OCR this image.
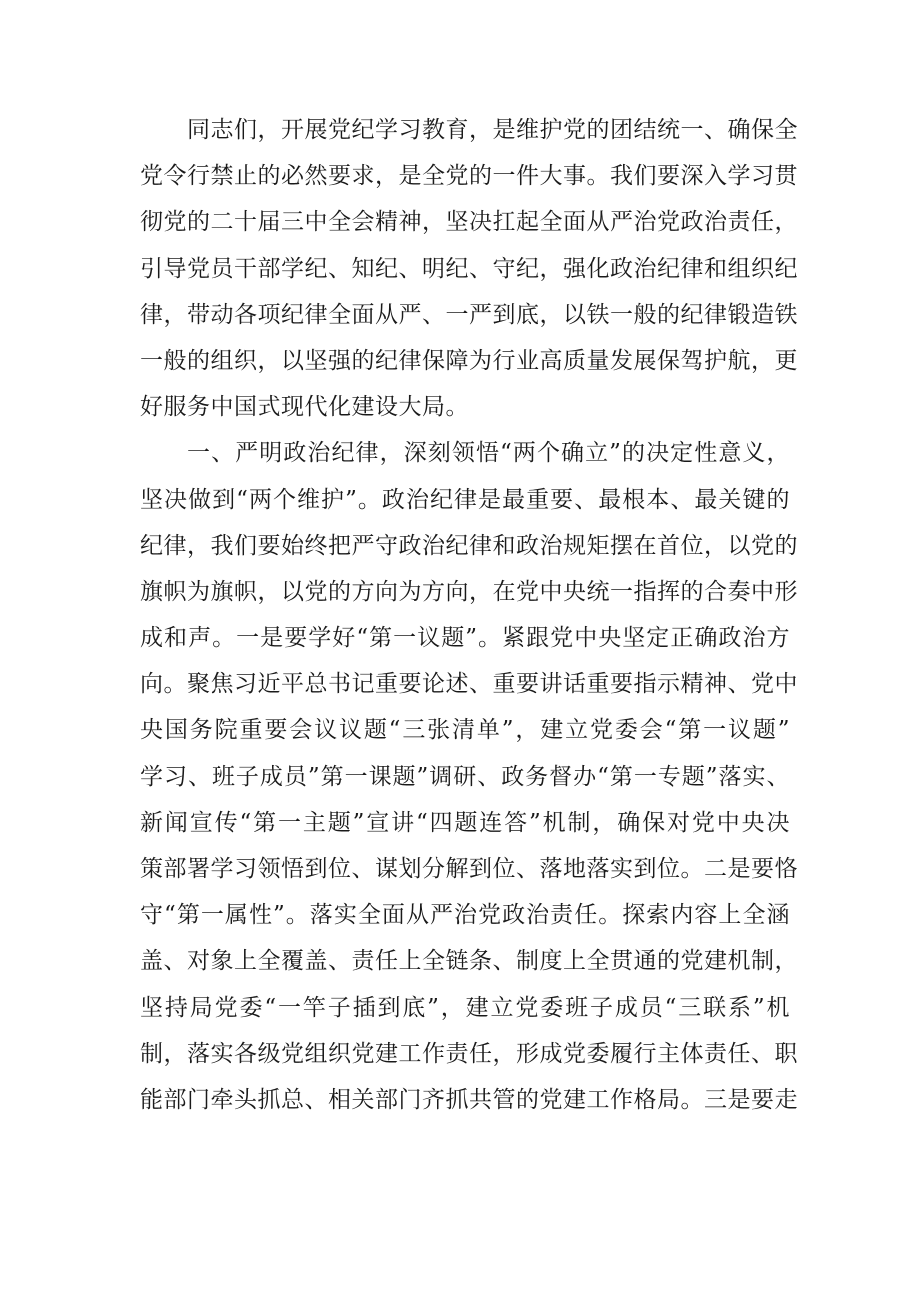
同志们，开展党纪学习教育，是维护党的团结统一、确保全
党令行禁止的必然要求，是全党的一件大事。我们要深入学习贯
彻党的二十届三中全会精神，坚决扛起全面从严治党政治责任，
引导党员干部学纪、知纪、明纪、守纪，强化政治纪律和组织纪
律，带动各项纪律全面从严、一严到底，以铁一般的纪律锻造铁
一般的组织，以坚强的纪律保障为行业高质量发展保驾护航，更
好服务中国式现代化建设大局。
一、严明政治纪律，深刻领悟“两个确立”的决定性意义，
坚决做到“两个维护”。政治纪律是最重要、最根本、最关键的
纪律，我们要始终把严守政治纪律和政治规矩摆在首位，以党的
旗帜为旗帜，以党的方向为方向，在党中央统一指挥的合奏中形
成和声。一是要学好“第一议题”。紧跟党中央坚定正确政治方
向。聚焦习近平总书记重要论述、重要讲话重要指示精神、党中
央国务院重要会议议题“三张清单”，建立党委会“第一议题”
学习、班子成员”第一课题”调研、政务督办“第一专题”落实、
新闻宣传“第一主题”宣讲“四题连答”机制，确保对党中央决
策部署学习领悟到位、谋划分解到位、落地落实到位。二是要恪
守“第一属性”。落实全面从严治党政治责任。探索内容上全涵
盖、对象上全覆盖、责任上全链条、制度上全贯通的党建机制，
坚持局党委“一竿子插到底”，建立党委班子成员“三联系”机
制，落实各级党组织党建工作责任，形成党委履行主体责任、职
能部门牵头抓总、相关部门齐抓共管的党建工作格局。三是要走
